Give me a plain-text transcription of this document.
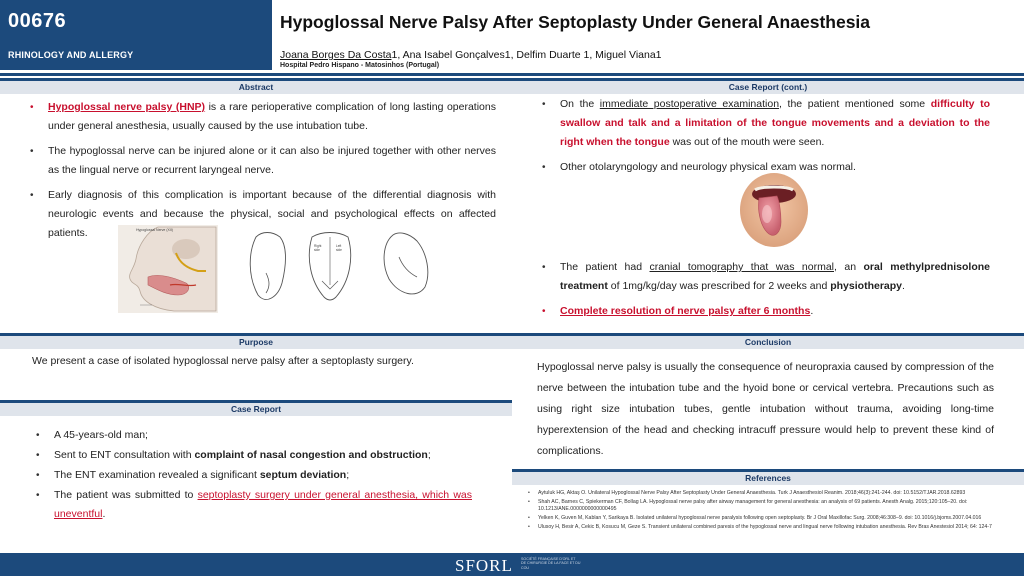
00676
RHINOLOGY AND ALLERGY
Hypoglossal Nerve Palsy After Septoplasty Under General Anaesthesia
Joana Borges Da Costa1, Ana Isabel Gonçalves1, Delfim Duarte 1, Miguel Viana1
Hospital Pedro Hispano - Matosinhos (Portugal)
Abstract
• Hypoglossal nerve palsy (HNP) is a rare perioperative complication of long lasting operations under general anesthesia, usually caused by the use intubation tube.
• The hypoglossal nerve can be injured alone or it can also be injured together with other nerves as the lingual nerve or recurrent laryngeal nerve.
• Early diagnosis of this complication is important because of the differential diagnosis with neurologic events and because the physical, social and psychological effects on affected patients.	Hypoglossal Nerve (XII)
Right
side
Left
side
Case Report (cont.)
• On the immediate postoperative examination, the patient mentioned some difficulty to swallow and talk and a limitation of the tongue movements and a deviation to the right when the tongue was out of the mouth were seen.
• Other otolaryngology and neurology physical exam was normal.
• The patient had cranial tomography that was normal, an oral methylprednisolone treatment of 1mg/kg/day was prescribed for 2 weeks and physiotherapy.
• Complete resolution of nerve palsy after 6 months.
Purpose
We present a case of isolated hypoglossal nerve palsy after a septoplasty surgery.
Case Report
• A 45-years-old man;
• Sent to ENT consultation with complaint of nasal congestion and obstruction;
• The ENT examination revealed a significant septum deviation;
• The patient was submitted to septoplasty surgery under general anesthesia, which was uneventful.
Conclusion
Hypoglossal nerve palsy is usually the consequence of neuropraxia caused by compression of the nerve between the intubation tube and the hyoid bone or cervical vertebra. Precautions such as using right size intubation tubes, gentle intubation without trauma, avoiding long-time hyperextension of the head and checking intracuff pressure would help to prevent these kind of complications.
References
• Aytuluk HG, Aktaş O. Unilateral Hypoglossal Nerve Palsy After Septoplasty Under General Anaesthesia. Turk J Anaesthesiol Reanim. 2018;46(3):241-244. doi: 10.5152/TJAR.2018.62893
• Shah AC, Barnes C, Spiekerman CF, Bollag LA. Hypoglossal nerve palsy after airway management for general anesthesia: an analysis of 69 patients. Anesth Analg. 2015;120:105–20. doi: 10.1213/ANE.0000000000000495
• Yelken K, Guven M, Kablan Y, Sarikaya B. Isolated unilateral hypoglossal nerve paralysis following open septoplasty. Br J Oral Maxillofac Surg. 2008;46:308–9. doi: 10.1016/j.bjoms.2007.04.016
• Ulusoy H, Besir A, Cekic B, Kosucu M, Geze S. Transient unilateral combined paresis of the hypoglossal nerve and lingual nerve following intubation anesthesia. Rev Bras Anestesiol 2014; 64: 124-7
SFORL SOCIÉTÉ FRANÇAISE D'ORL ET DE CHIRURGIE DE LA FACE ET DU COU
